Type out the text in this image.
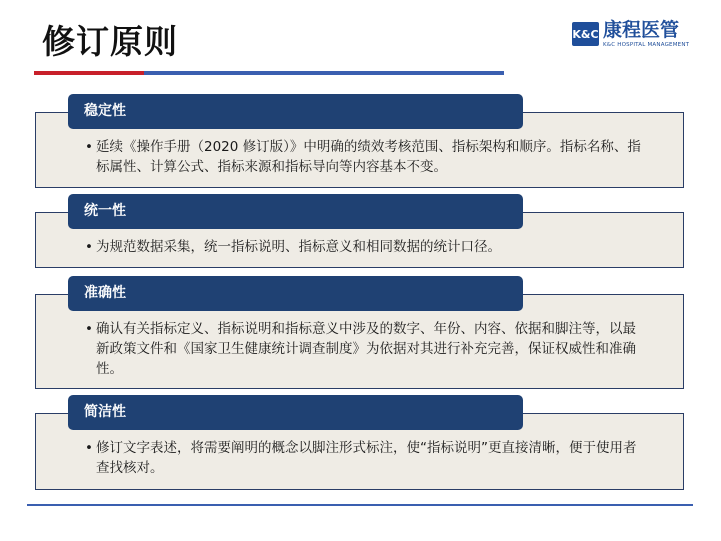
修订原则	K&C 康程医管
K&C HOSPITAL MANAGEMENT
稳定性
• 延续《操作手册（2020 修订版）》中明确的绩效考核范围、指标架构和顺序。指标名称、指标属性、计算公式、指标来源和指标导向等内容基本不变。
统一性
• 为规范数据采集，统一指标说明、指标意义和相同数据的统计口径。
准确性
• 确认有关指标定义、指标说明和指标意义中涉及的数字、年份、内容、依据和脚注等，以最新政策文件和《国家卫生健康统计调查制度》为依据对其进行补充完善，保证权威性和准确性。
简洁性
• 修订文字表述，将需要阐明的概念以脚注形式标注，使“指标说明”更直接清晰，便于使用者查找核对。
